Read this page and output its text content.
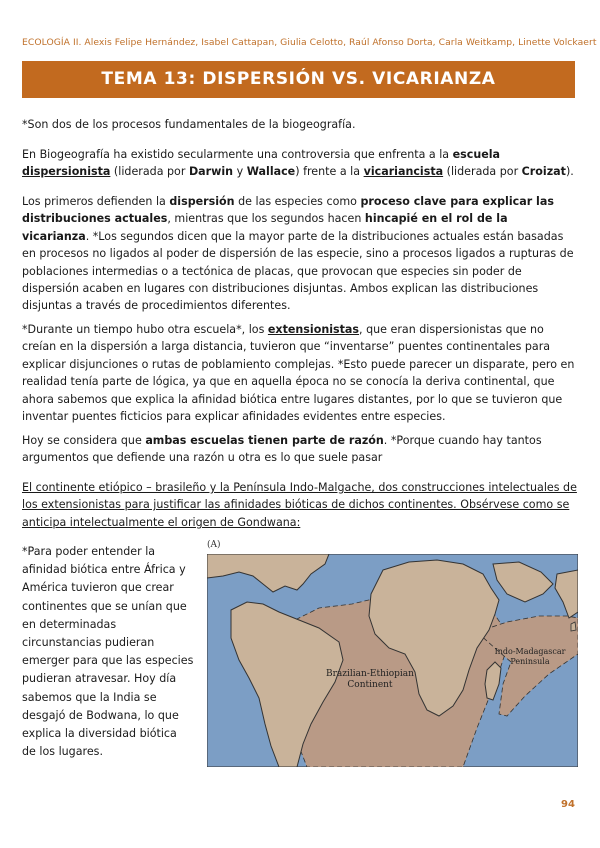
ECOLOGÍA II. Alexis Felipe Hernández, Isabel Cattapan, Giulia Celotto, Raúl Afonso Dorta, Carla Weitkamp, Linette Volckaert
TEMA 13: DISPERSIÓN VS. VICARIANZA
*Son dos de los procesos fundamentales de la biogeografía.
En Biogeografía ha existido secularmente una controversia que enfrenta a la escuela dispersionista (liderada por Darwin y Wallace) frente a la vicariancista (liderada por Croizat).
Los primeros defienden la dispersión de las especies como proceso clave para explicar las distribuciones actuales, mientras que los segundos hacen hincapié en el rol de la vicarianza. *Los segundos dicen que la mayor parte de la distribuciones actuales están basadas en procesos no ligados al poder de dispersión de las especie, sino a procesos ligados a rupturas de poblaciones intermedias o a tectónica de placas, que provocan que especies sin poder de dispersión acaben en lugares con distribuciones disjuntas. Ambos explican las distribuciones disjuntas a través de procedimientos diferentes.
*Durante un tiempo hubo otra escuela*, los extensionistas, que eran dispersionistas que no creían en la dispersión a larga distancia, tuvieron que “inventarse” puentes continentales para explicar disjunciones o rutas de poblamiento complejas. *Esto puede parecer un disparate, pero en realidad tenía parte de lógica, ya que en aquella época no se conocía la deriva continental, que ahora sabemos que explica la afinidad biótica entre lugares distantes, por lo que se tuvieron que inventar puentes ficticios para explicar afinidades evidentes entre especies.
Hoy se considera que ambas escuelas tienen parte de razón. *Porque cuando hay tantos argumentos que defiende una razón u otra es lo que suele pasar
El continente etiópico – brasileño y la Península Indo-Malgache, dos construcciones intelectuales de los extensionistas para justificar las afinidades bióticas de dichos continentes. Obsérvese como se anticipa intelectualmente el origen de Gondwana:
*Para poder entender la afinidad biótica entre África y América tuvieron que crear continentes que se unían que en determinadas circunstancias pudieran emerger para que las especies pudieran atravesar. Hoy día sabemos que la India se desgajó de Bodwana, lo que explica la diversidad biótica de los lugares.
(A)
Brazilian-Ethiopian
Continent
Indo-Madagascar
Peninsula
94
